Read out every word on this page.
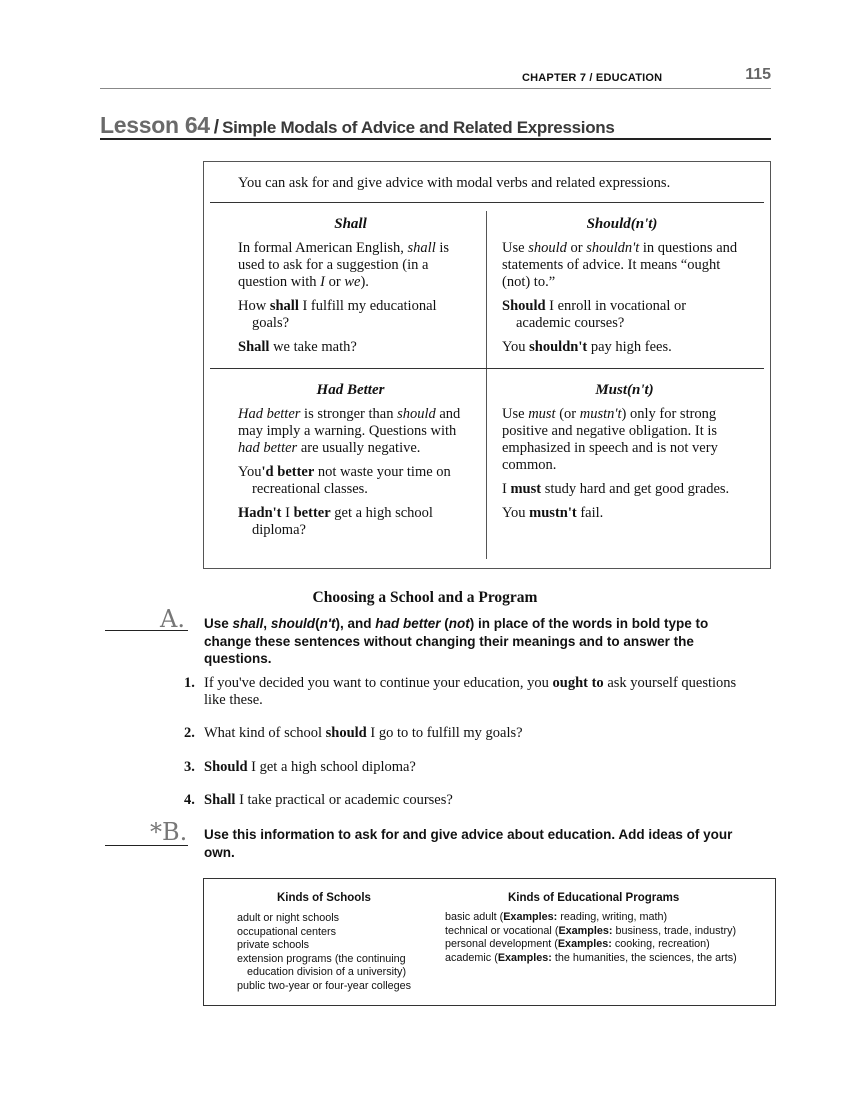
CHAPTER 7 / EDUCATION	115
Lesson 64 / Simple Modals of Advice and Related Expressions
You can ask for and give advice with modal verbs and related expressions.
Shall

In formal American English, shall is used to ask for a suggestion (in a question with I or we).

How shall I fulfill my educational goals?

Shall we take math?

Should(n't)

Use should or shouldn't in questions and statements of advice. It means “ought (not) to.”

Should I enroll in vocational or academic courses?

You shouldn't pay high fees.

Had Better

Had better is stronger than should and may imply a warning. Questions with had better are usually negative.

You'd better not waste your time on recreational classes.

Hadn't I better get a high school diploma?

Must(n't)

Use must (or mustn't) only for strong positive and negative obligation. It is emphasized in speech and is not very common.

I must study hard and get good grades.

You mustn't fail.

Choosing a School and a Program
A. Use shall, should(n't), and had better (not) in place of the words in bold type to change these sentences without changing their meanings and to answer the questions.
1. If you've decided you want to continue your education, you ought to ask yourself questions like these.
2. What kind of school should I go to to fulfill my goals?
3. Should I get a high school diploma?
4. Shall I take practical or academic courses?
*B. Use this information to ask for and give advice about education. Add ideas of your own.
Kinds of Schools
adult or night schools
occupational centers
private schools
extension programs (the continuing education division of a university)
public two-year or four-year colleges
Kinds of Educational Programs
basic adult (Examples: reading, writing, math)
technical or vocational (Examples: business, trade, industry)
personal development (Examples: cooking, recreation)
academic (Examples: the humanities, the sciences, the arts)
